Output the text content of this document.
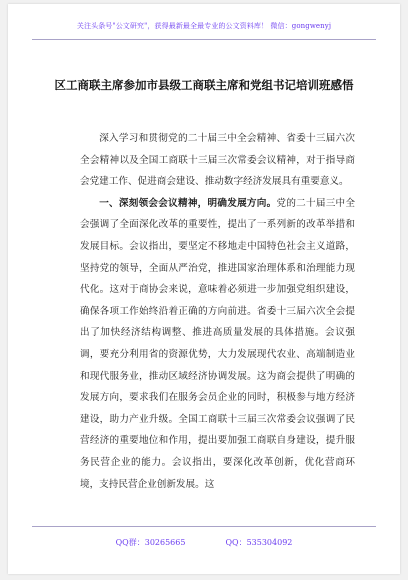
关注头条号"公文研究"，获得最新最全最专业的公文资料库！ 微信：gongwenyj
区工商联主席参加市县级工商联主席和党组书记培训班感悟

深入学习和贯彻党的二十届三中全会精神、省委十三届六次全会精神以及全国工商联十三届三次常委会议精神，对于指导商会党建工作、促进商会建设、推动数字经济发展具有重要意义。

一、深刻领会会议精神，明确发展方向。党的二十届三中全会强调了全面深化改革的重要性，提出了一系列新的改革举措和发展目标。会议指出，要坚定不移地走中国特色社会主义道路，坚持党的领导，全面从严治党，推进国家治理体系和治理能力现代化。这对于商协会来说，意味着必须进一步加强党组织建设，确保各项工作始终沿着正确的方向前进。省委十三届六次全会提出了加快经济结构调整、推进高质量发展的具体措施。会议强调，要充分利用省的资源优势，大力发展现代农业、高端制造业和现代服务业，推动区域经济协调发展。这为商会提供了明确的发展方向，要求我们在服务会员企业的同时，积极参与地方经济建设，助力产业升级。全国工商联十三届三次常委会议强调了民营经济的重要地位和作用，提出要加强工商联自身建设，提升服务民营企业的能力。会议指出，要深化改革创新，优化营商环境，支持民营企业创新发展。这

QQ群：30265665	QQ：535304092
